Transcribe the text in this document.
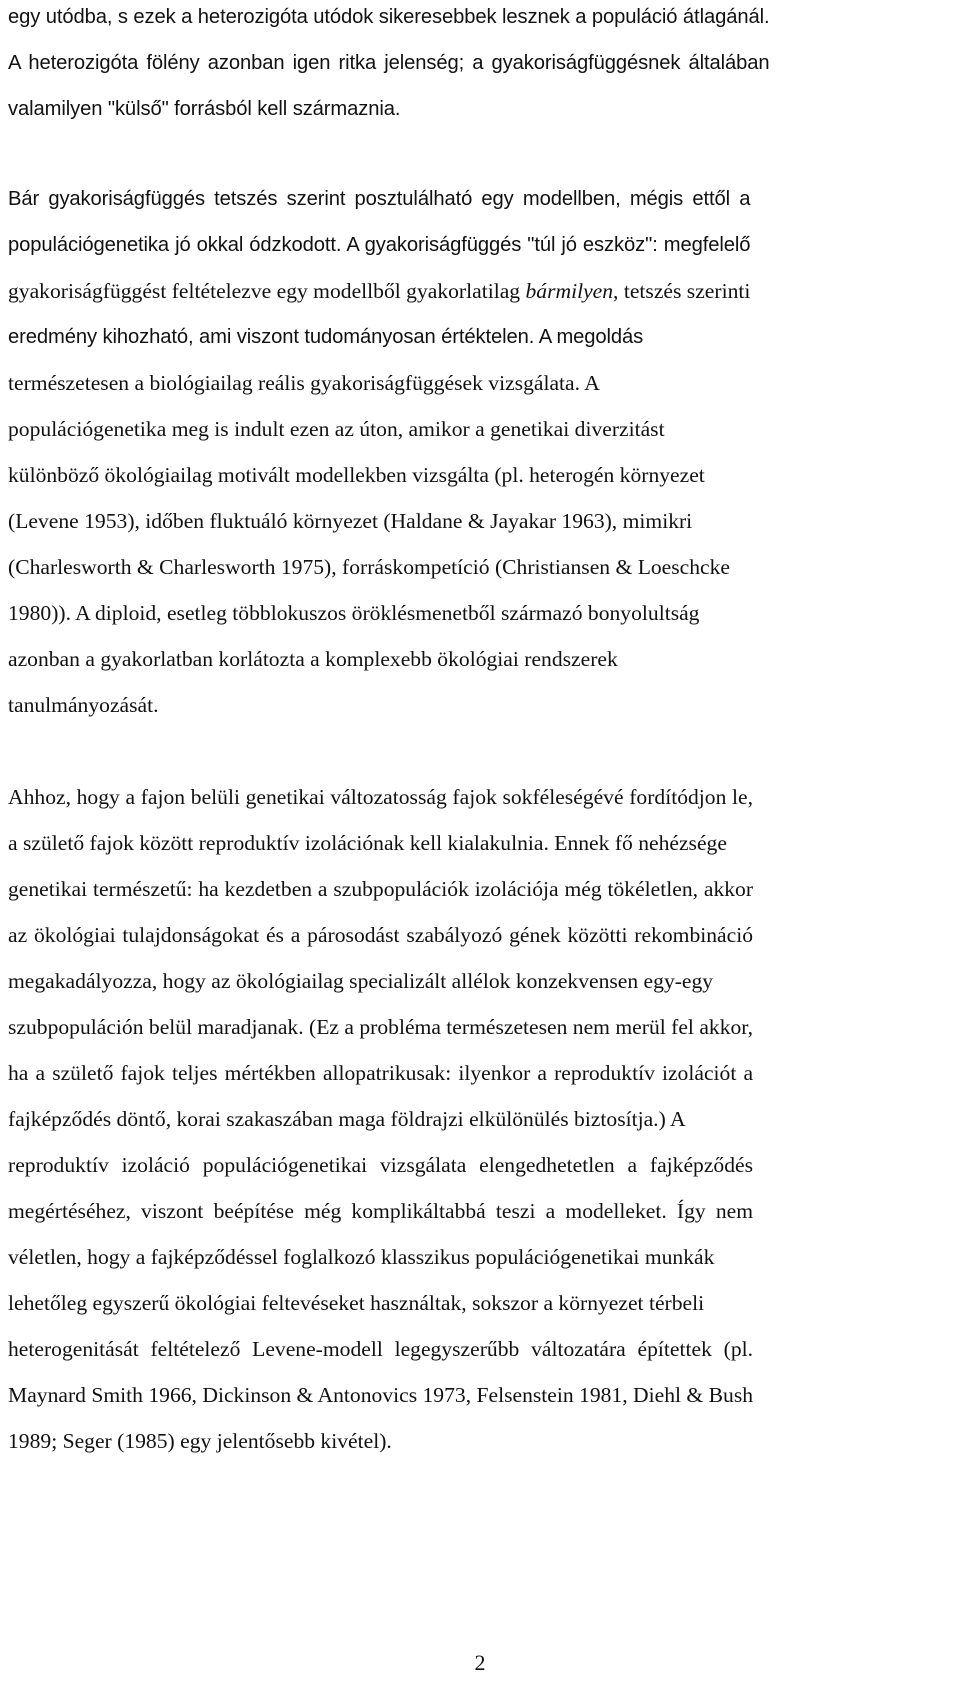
egy utódba, s ezek a heterozigóta utódok sikeresebbek lesznek a populáció átlagánál.
A heterozigóta fölény azonban igen ritka jelenség; a gyakoriságfüggésnek általában
valamilyen "külső" forrásból kell származnia.

Bár gyakoriságfüggés tetszés szerint posztulálható egy modellben, mégis ettől a
populációgenetika jó okkal ódzkodott. A gyakoriságfüggés "túl jó eszköz": megfelelő
gyakoriságfüggést feltételezve egy modellből gyakorlatilag bármilyen, tetszés szerinti
eredmény kihozható, ami viszont tudományosan értéktelen. A megoldás
természetesen a biológiailag reális gyakoriságfüggések vizsgálata. A
populációgenetika meg is indult ezen az úton, amikor a genetikai diverzitást
különböző ökológiailag motivált modellekben vizsgálta (pl. heterogén környezet
(Levene 1953), időben fluktuáló környezet (Haldane & Jayakar 1963), mimikri
(Charlesworth & Charlesworth 1975), forráskompetíció (Christiansen & Loeschcke
1980)). A diploid, esetleg többlokuszos öröklésmenetből származó bonyolultság
azonban a gyakorlatban korlátozta a komplexebb ökológiai rendszerek
tanulmányozását.

Ahhoz, hogy a fajon belüli genetikai változatosság fajok sokféleségévé fordítódjon le,
a születő fajok között reproduktív izolációnak kell kialakulnia. Ennek fő nehézsége
genetikai természetű: ha kezdetben a szubpopulációk izolációja még tökéletlen, akkor
az ökológiai tulajdonságokat és a párosodást szabályozó gének közötti rekombináció
megakadályozza, hogy az ökológiailag specializált allélok konzekvensen egy-egy
szubpopuláción belül maradjanak. (Ez a probléma természetesen nem merül fel akkor,
ha a születő fajok teljes mértékben allopatrikusak: ilyenkor a reproduktív izolációt a
fajképződés döntő, korai szakaszában maga földrajzi elkülönülés biztosítja.) A
reproduktív izoláció populációgenetikai vizsgálata elengedhetetlen a fajképződés
megértéséhez, viszont beépítése még komplikáltabbá teszi a modelleket. Így nem
véletlen, hogy a fajképződéssel foglalkozó klasszikus populációgenetikai munkák
lehetőleg egyszerű ökológiai feltevéseket használtak, sokszor a környezet térbeli
heterogenitását feltételező Levene-modell legegyszerűbb változatára építettek (pl.
Maynard Smith 1966, Dickinson & Antonovics 1973, Felsenstein 1981, Diehl & Bush
1989; Seger (1985) egy jelentősebb kivétel).

2
